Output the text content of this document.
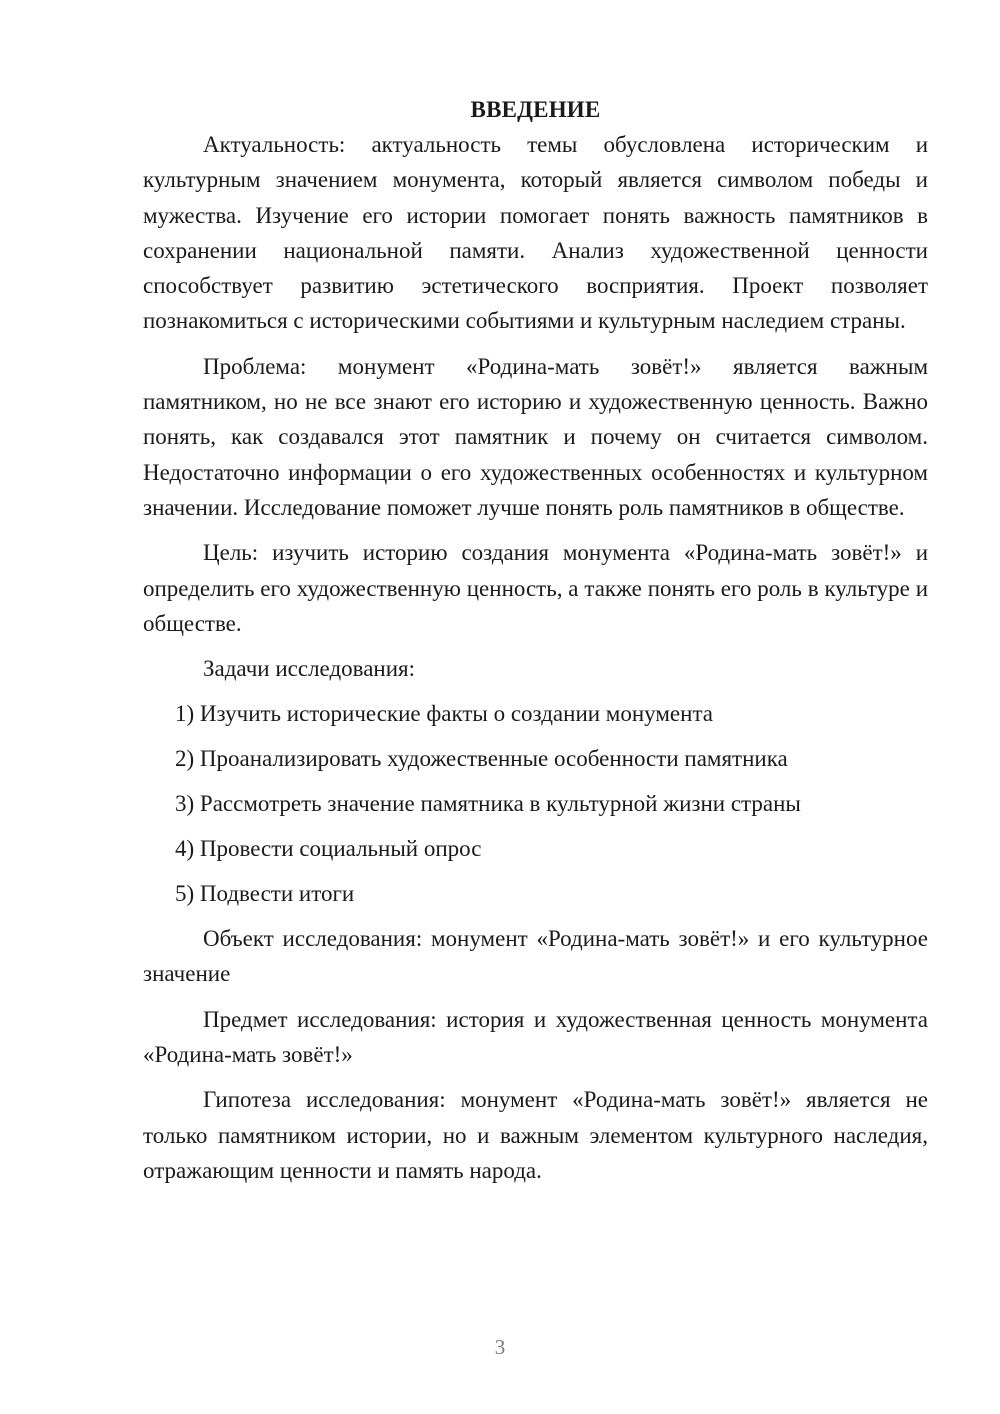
ВВЕДЕНИЕ

Актуальность: актуальность темы обусловлена историческим и культурным значением монумента, который является символом победы и мужества. Изучение его истории помогает понять важность памятников в сохранении национальной памяти. Анализ художественной ценности способствует развитию эстетического восприятия. Проект позволяет познакомиться с историческими событиями и культурным наследием страны.

Проблема: монумент «Родина-мать зовёт!» является важным памятником, но не все знают его историю и художественную ценность. Важно понять, как создавался этот памятник и почему он считается символом. Недостаточно информации о его художественных особенностях и культурном значении. Исследование поможет лучше понять роль памятников в обществе.

Цель: изучить историю создания монумента «Родина-мать зовёт!» и определить его художественную ценность, а также понять его роль в культуре и обществе.

Задачи исследования:
1) Изучить исторические факты о создании монумента
2) Проанализировать художественные особенности памятника
3) Рассмотреть значение памятника в культурной жизни страны
4) Провести социальный опрос
5) Подвести итоги

Объект исследования: монумент «Родина-мать зовёт!» и его культурное значение

Предмет исследования: история и художественная ценность монумента «Родина-мать зовёт!»

Гипотеза исследования: монумент «Родина-мать зовёт!» является не только памятником истории, но и важным элементом культурного наследия, отражающим ценности и память народа.

3
